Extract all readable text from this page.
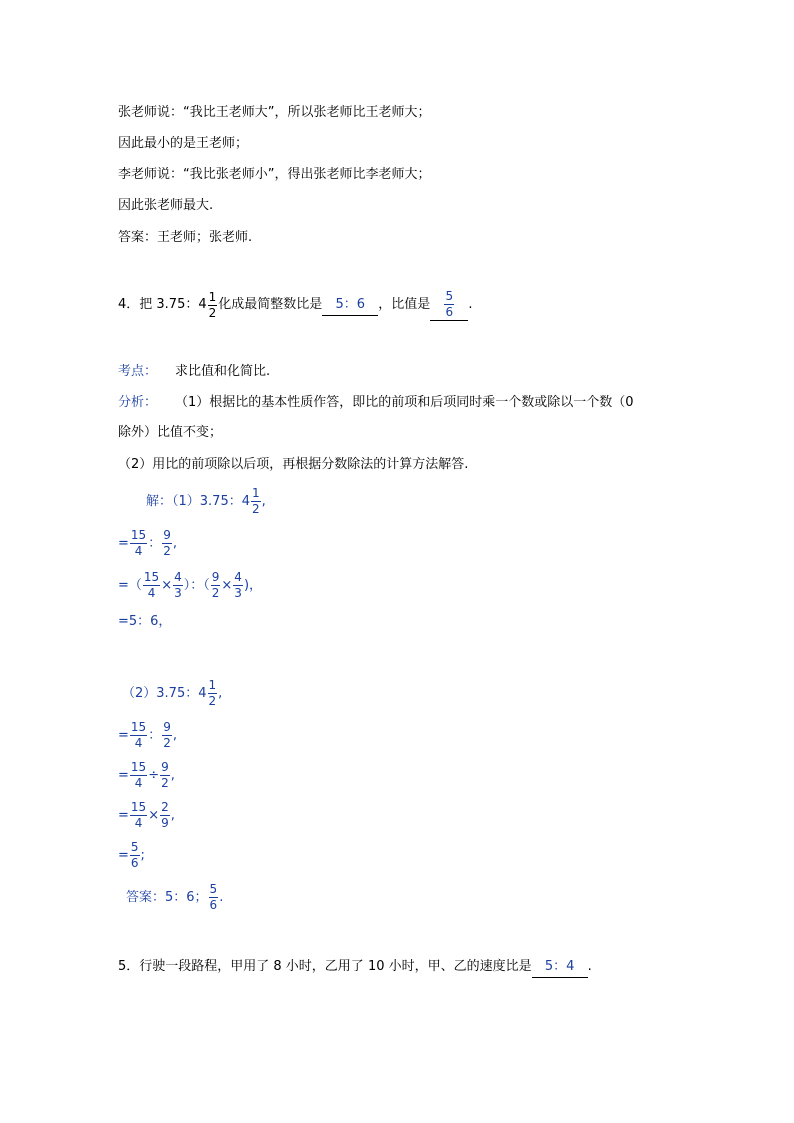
张老师说：“我比王老师大”，所以张老师比王老师大；
因此最小的是王老师；
李老师说：“我比张老师小”，得出张老师比李老师大；
因此张老师最大.
答案：王老师；张老师.
4．把 3.75： $4 \frac{1}{2}$ 化成最简整数比是 5：6 ，比值是 $\frac{5}{6}$ .
考点： 求比值和化简比.
分析： （1）根据比的基本性质作答，即比的前项和后项同时乘一个数或除以一个数（0
除外）比值不变；
（2）用比的前项除以后项，再根据分数除法的计算方法解答.
解：（1）3.75：$4 \frac{1}{2}$ ,
= $\frac{15}{4}$ ： $\frac{9}{2}$ ,
=（ $\frac{15}{4} \times \frac{4}{3}$ ）：（ $\frac{9}{2} \times \frac{4}{3}$ )，
=5：6，
（2）3.75：$4 \frac{1}{2}$ ,
= $\frac{15}{4}$ ： $\frac{9}{2}$ ,
= $\frac{15}{4} \div \frac{9}{2}$ ,
= $\frac{15}{4} \times \frac{2}{9}$ ,
= $\frac{5}{6}$ ;
答案：5：6； $\frac{5}{6}$ .
5．行驶一段路程，甲用了 8 小时，乙用了 10 小时，甲、乙的速度比是 5：4 .
